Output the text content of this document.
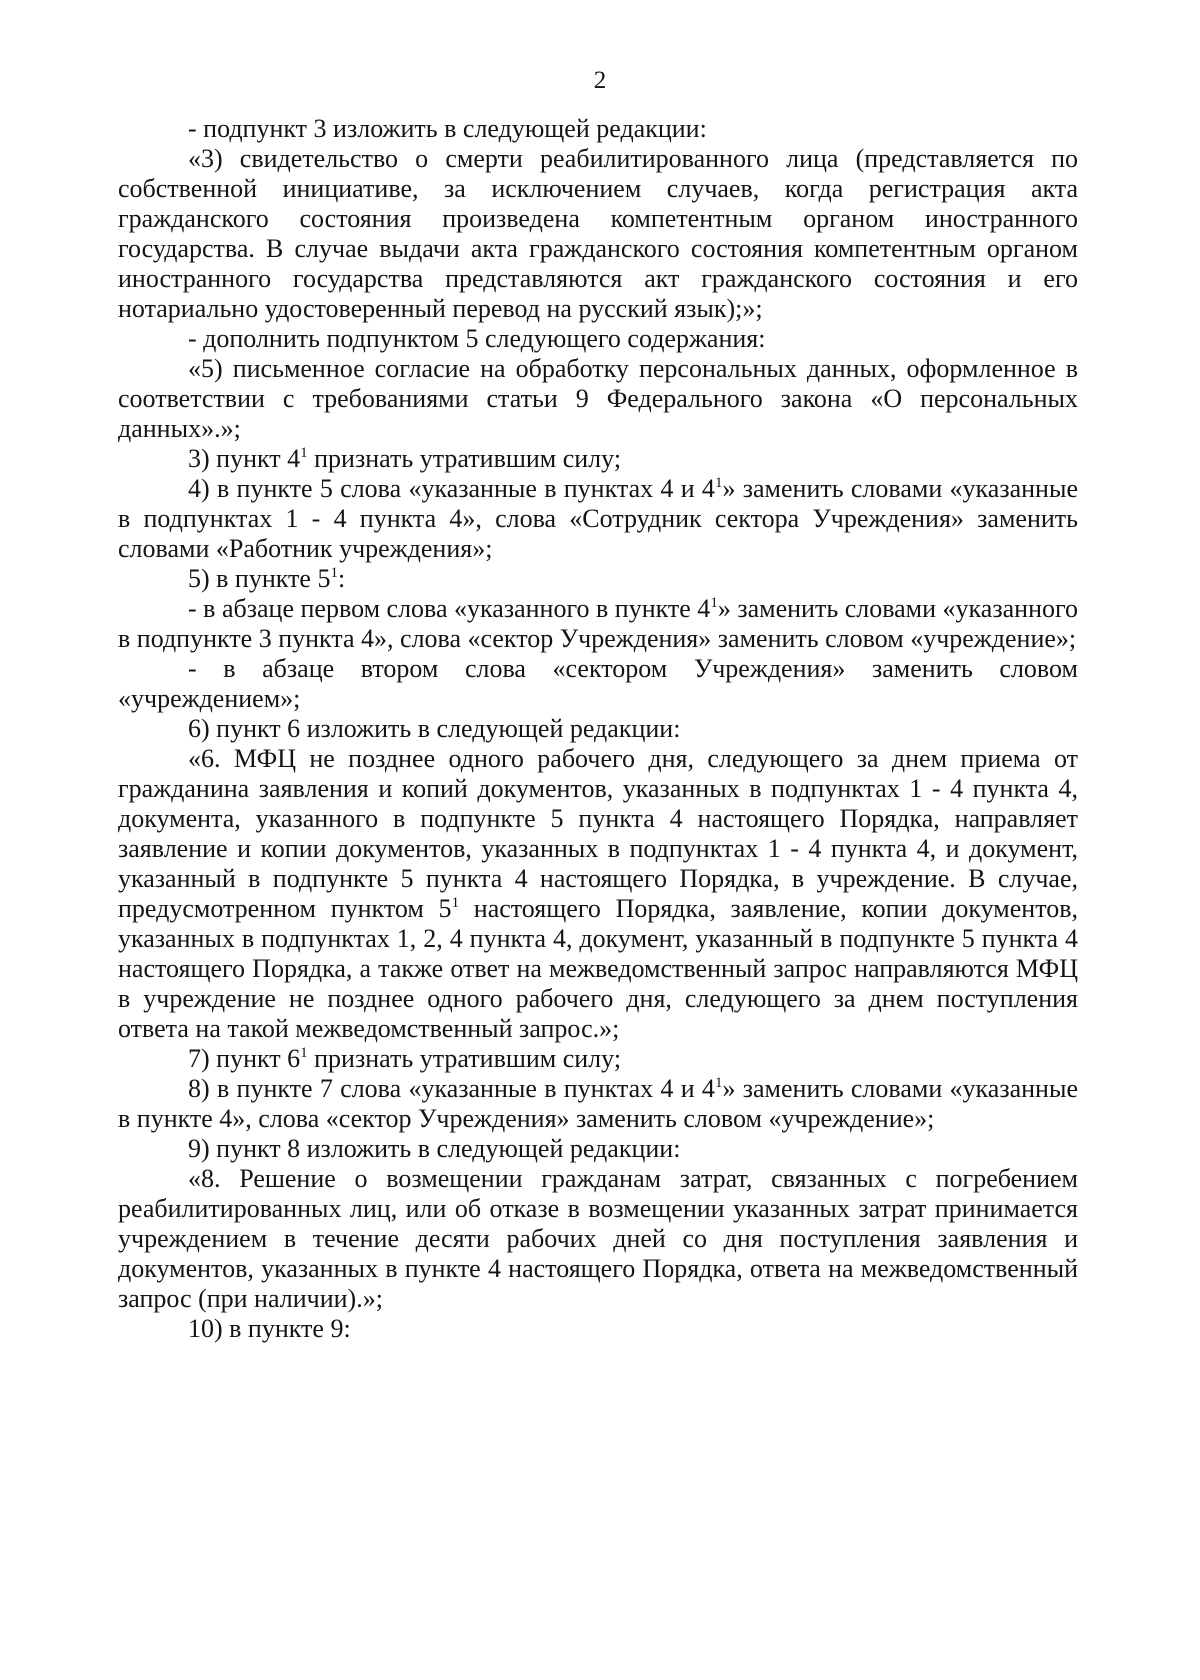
2

- подпункт 3 изложить в следующей редакции:

«3) свидетельство о смерти реабилитированного лица (представляется по собственной инициативе, за исключением случаев, когда регистрация акта гражданского состояния произведена компетентным органом иностранного государства. В случае выдачи акта гражданского состояния компетентным органом иностранного государства представляются акт гражданского состояния и его нотариально удостоверенный перевод на русский язык);»;

- дополнить подпунктом 5 следующего содержания:

«5) письменное согласие на обработку персональных данных, оформленное в соответствии с требованиями статьи 9 Федерального закона «О персональных данных».»;

3) пункт $4^1$ признать утратившим силу;

4) в пункте 5 слова «указанные в пунктах 4 и $4^1$» заменить словами «указанные в подпунктах 1 - 4 пункта 4», слова «Сотрудник сектора Учреждения» заменить словами «Работник учреждения»;

5) в пункте $5^1$:

- в абзаце первом слова «указанного в пункте $4^1$» заменить словами «указанного в подпункте 3 пункта 4», слова «сектор Учреждения» заменить словом «учреждение»;

- в абзаце втором слова «сектором Учреждения» заменить словом «учреждением»;

6) пункт 6 изложить в следующей редакции:

«6. МФЦ не позднее одного рабочего дня, следующего за днем приема от гражданина заявления и копий документов, указанных в подпунктах 1 - 4 пункта 4, документа, указанного в подпункте 5 пункта 4 настоящего Порядка, направляет заявление и копии документов, указанных в подпунктах 1 - 4 пункта 4, и документ, указанный в подпункте 5 пункта 4 настоящего Порядка, в учреждение. В случае, предусмотренном пунктом $5^1$ настоящего Порядка, заявление, копии документов, указанных в подпунктах 1, 2, 4 пункта 4, документ, указанный в подпункте 5 пункта 4 настоящего Порядка, а также ответ на межведомственный запрос направляются МФЦ в учреждение не позднее одного рабочего дня, следующего за днем поступления ответа на такой межведомственный запрос.»;

7) пункт $6^1$ признать утратившим силу;

8) в пункте 7 слова «указанные в пунктах 4 и $4^1$» заменить словами «указанные в пункте 4», слова «сектор Учреждения» заменить словом «учреждение»;

9) пункт 8 изложить в следующей редакции:

«8. Решение о возмещении гражданам затрат, связанных с погребением реабилитированных лиц, или об отказе в возмещении указанных затрат принимается учреждением в течение десяти рабочих дней со дня поступления заявления и документов, указанных в пункте 4 настоящего Порядка, ответа на межведомственный запрос (при наличии).»;

10) в пункте 9:
